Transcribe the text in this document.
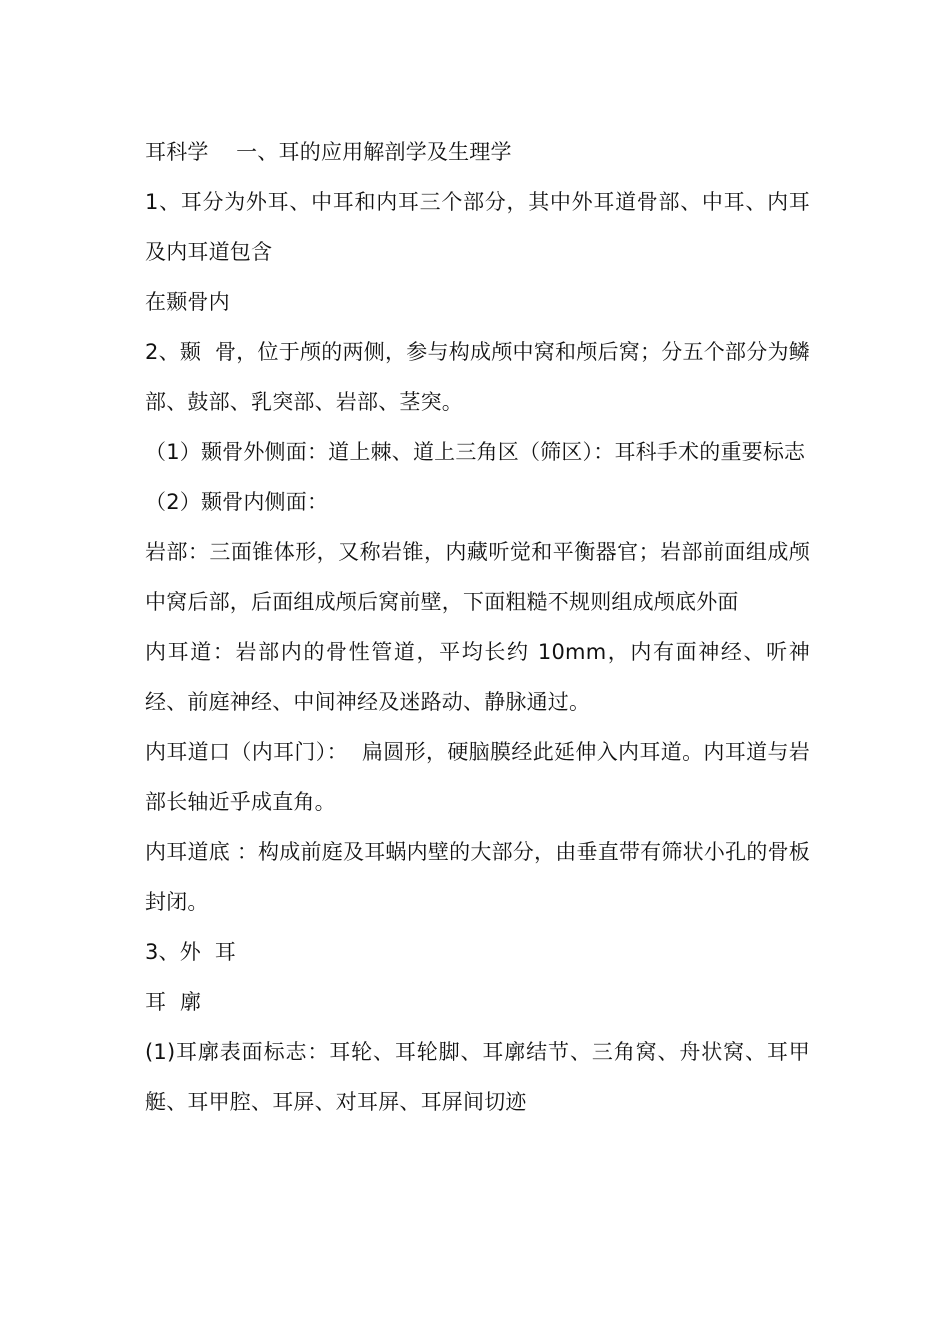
耳科学    一、耳的应用解剖学及生理学

1、耳分为外耳、中耳和内耳三个部分，其中外耳道骨部、中耳、内耳及内耳道包含

在颞骨内

2、颞  骨，位于颅的两侧，参与构成颅中窝和颅后窝；分五个部分为鳞部、鼓部、乳突部、岩部、茎突。

（1）颞骨外侧面：道上棘、道上三角区（筛区）：耳科手术的重要标志

（2）颞骨内侧面：

岩部：三面锥体形，又称岩锥，内藏听觉和平衡器官；岩部前面组成颅中窝后部，后面组成颅后窝前壁，下面粗糙不规则组成颅底外面

内耳道：岩部内的骨性管道，平均长约 10mm，内有面神经、听神经、前庭神经、中间神经及迷路动、静脉通过。

内耳道口（内耳门）：  扁圆形，硬脑膜经此延伸入内耳道。内耳道与岩部长轴近乎成直角。

内耳道底 ：构成前庭及耳蜗内壁的大部分，由垂直带有筛状小孔的骨板封闭。

3、外  耳

耳  廓

(1)耳廓表面标志：耳轮、耳轮脚、耳廓结节、三角窝、舟状窝、耳甲艇、耳甲腔、耳屏、对耳屏、耳屏间切迹
